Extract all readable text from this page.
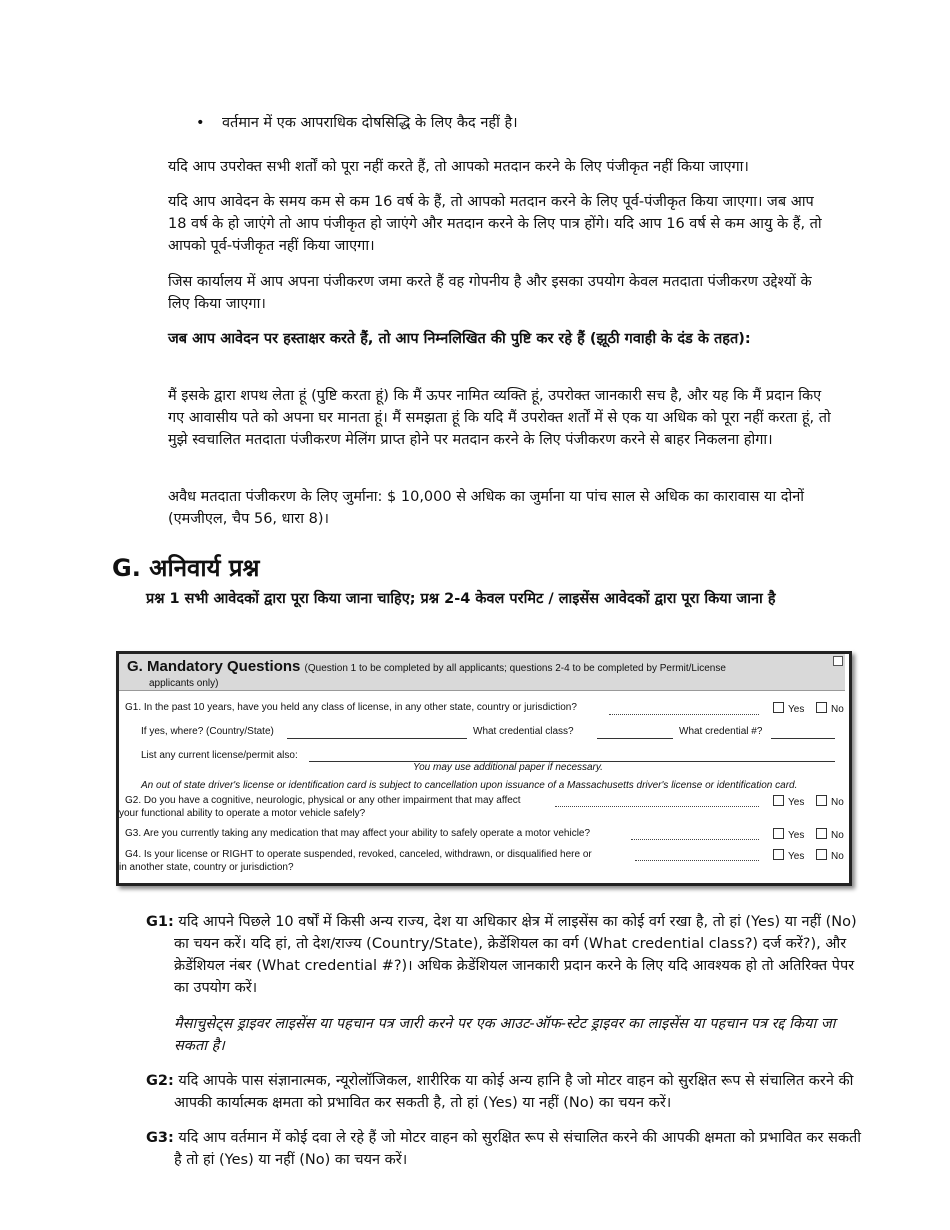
• वर्तमान में एक आपराधिक दोषसिद्धि के लिए कैद नहीं है।

यदि आप उपरोक्त सभी शर्तों को पूरा नहीं करते हैं, तो आपको मतदान करने के लिए पंजीकृत नहीं किया जाएगा।

यदि आप आवेदन के समय कम से कम 16 वर्ष के हैं, तो आपको मतदान करने के लिए पूर्व-पंजीकृत किया जाएगा। जब आप 18 वर्ष के हो जाएंगे तो आप पंजीकृत हो जाएंगे और मतदान करने के लिए पात्र होंगे। यदि आप 16 वर्ष से कम आयु के हैं, तो आपको पूर्व-पंजीकृत नहीं किया जाएगा।

जिस कार्यालय में आप अपना पंजीकरण जमा करते हैं वह गोपनीय है और इसका उपयोग केवल मतदाता पंजीकरण उद्देश्यों के लिए किया जाएगा।

जब आप आवेदन पर हस्ताक्षर करते हैं, तो आप निम्नलिखित की पुष्टि कर रहे हैं (झूठी गवाही के दंड के तहत):

मैं इसके द्वारा शपथ लेता हूं (पुष्टि करता हूं) कि मैं ऊपर नामित व्यक्ति हूं, उपरोक्त जानकारी सच है, और यह कि मैं प्रदान किए गए आवासीय पते को अपना घर मानता हूं। मैं समझता हूं कि यदि मैं उपरोक्त शर्तों में से एक या अधिक को पूरा नहीं करता हूं, तो मुझे स्वचालित मतदाता पंजीकरण मेलिंग प्राप्त होने पर मतदान करने के लिए पंजीकरण करने से बाहर निकलना होगा।

अवैध मतदाता पंजीकरण के लिए जुर्माना: $ 10,000 से अधिक का जुर्माना या पांच साल से अधिक का कारावास या दोनों (एमजीएल, चैप 56, धारा 8)।

G. अनिवार्य प्रश्न
प्रश्न 1 सभी आवेदकों द्वारा पूरा किया जाना चाहिए; प्रश्न 2-4 केवल परमिट / लाइसेंस आवेदकों द्वारा पूरा किया जाना है
G. Mandatory Questions (Question 1 to be completed by all applicants; questions 2-4 to be completed by Permit/License
applicants only)
G1. In the past 10 years, have you held any class of license, in any other state, country or jurisdiction?	Yes	No
If yes, where? (Country/State)	What credential class?	What credential #?
List any current license/permit also:
You may use additional paper if necessary.
An out of state driver's license or identification card is subject to cancellation upon issuance of a Massachusetts driver's license or identification card.
G2. Do you have a cognitive, neurologic, physical or any other impairment that may affect
your functional ability to operate a motor vehicle safely?
Yes	No
G3. Are you currently taking any medication that may affect your ability to safely operate a motor vehicle?	Yes	No
G4. Is your license or RIGHT to operate suspended, revoked, canceled, withdrawn, or disqualified here or
in another state, country or jurisdiction?
Yes	No

G1: यदि आपने पिछले 10 वर्षों में किसी अन्य राज्य, देश या अधिकार क्षेत्र में लाइसेंस का कोई वर्ग रखा है, तो हां (Yes) या नहीं (No) का चयन करें। यदि हां, तो देश/राज्य (Country/State), क्रेडेंशियल का वर्ग (What credential class?) दर्ज करें?), और क्रेडेंशियल नंबर (What credential #?)। अधिक क्रेडेंशियल जानकारी प्रदान करने के लिए यदि आवश्यक हो तो अतिरिक्त पेपर का उपयोग करें।

मैसाचुसेट्स ड्राइवर लाइसेंस या पहचान पत्र जारी करने पर एक आउट-ऑफ-स्टेट ड्राइवर का लाइसेंस या पहचान पत्र रद्द किया जा सकता है।

G2: यदि आपके पास संज्ञानात्मक, न्यूरोलॉजिकल, शारीरिक या कोई अन्य हानि है जो मोटर वाहन को सुरक्षित रूप से संचालित करने की आपकी कार्यात्मक क्षमता को प्रभावित कर सकती है, तो हां (Yes) या नहीं (No) का चयन करें।

G3: यदि आप वर्तमान में कोई दवा ले रहे हैं जो मोटर वाहन को सुरक्षित रूप से संचालित करने की आपकी क्षमता को प्रभावित कर सकती है तो हां (Yes) या नहीं (No) का चयन करें।
